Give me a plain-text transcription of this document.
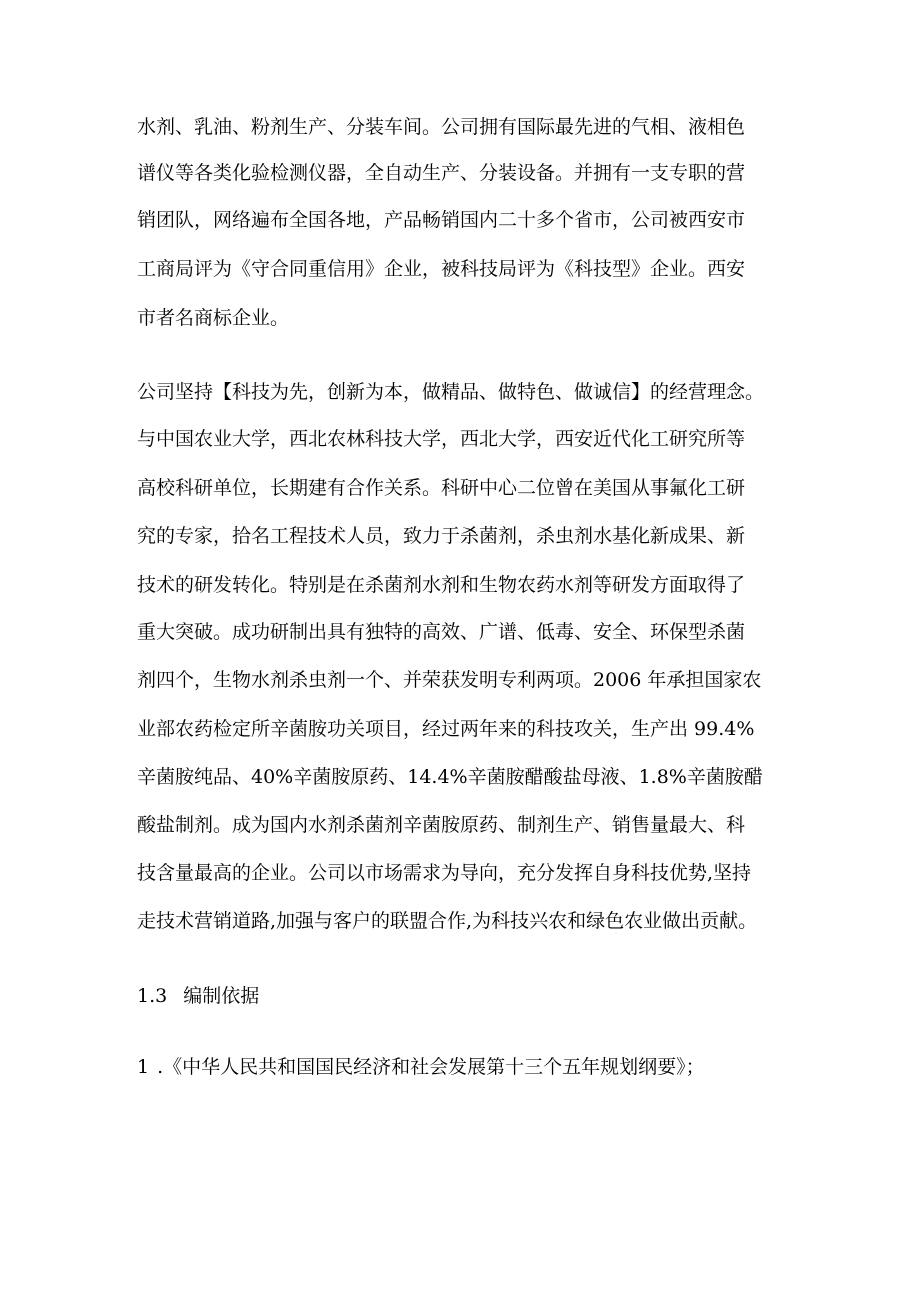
水剂、乳油、粉剂生产、分装车间。公司拥有国际最先进的气相、液相色

谱仪等各类化验检测仪器，全自动生产、分装设备。并拥有一支专职的营

销团队，网络遍布全国各地，产品畅销国内二十多个省市，公司被西安市

工商局评为《守合同重信用》企业，被科技局评为《科技型》企业。西安

市者名商标企业。

公司坚持【科技为先，创新为本，做精品、做特色、做诚信】的经营理念。

与中国农业大学，西北农林科技大学，西北大学，西安近代化工研究所等

高校科研单位，长期建有合作关系。科研中心二位曾在美国从事氟化工研

究的专家，拾名工程技术人员，致力于杀菌剂，杀虫剂水基化新成果、新

技术的研发转化。特别是在杀菌剂水剂和生物农药水剂等研发方面取得了

重大突破。成功研制出具有独特的高效、广谱、低毒、安全、环保型杀菌

剂四个，生物水剂杀虫剂一个、并荣获发明专利两项。2006 年承担国家农

业部农药检定所辛菌胺功关项目，经过两年来的科技攻关，生产出 99.4%

辛菌胺纯品、40%辛菌胺原药、14.4%辛菌胺醋酸盐母液、1.8%辛菌胺醋

酸盐制剂。成为国内水剂杀菌剂辛菌胺原药、制剂生产、销售量最大、科

技含量最高的企业。公司以市场需求为导向，充分发挥自身科技优势,坚持

走技术营销道路,加强与客户的联盟合作,为科技兴农和绿色农业做出贡献。

1.3 编制依据

1 .《中华人民共和国国民经济和社会发展第十三个五年规划纲要》；
